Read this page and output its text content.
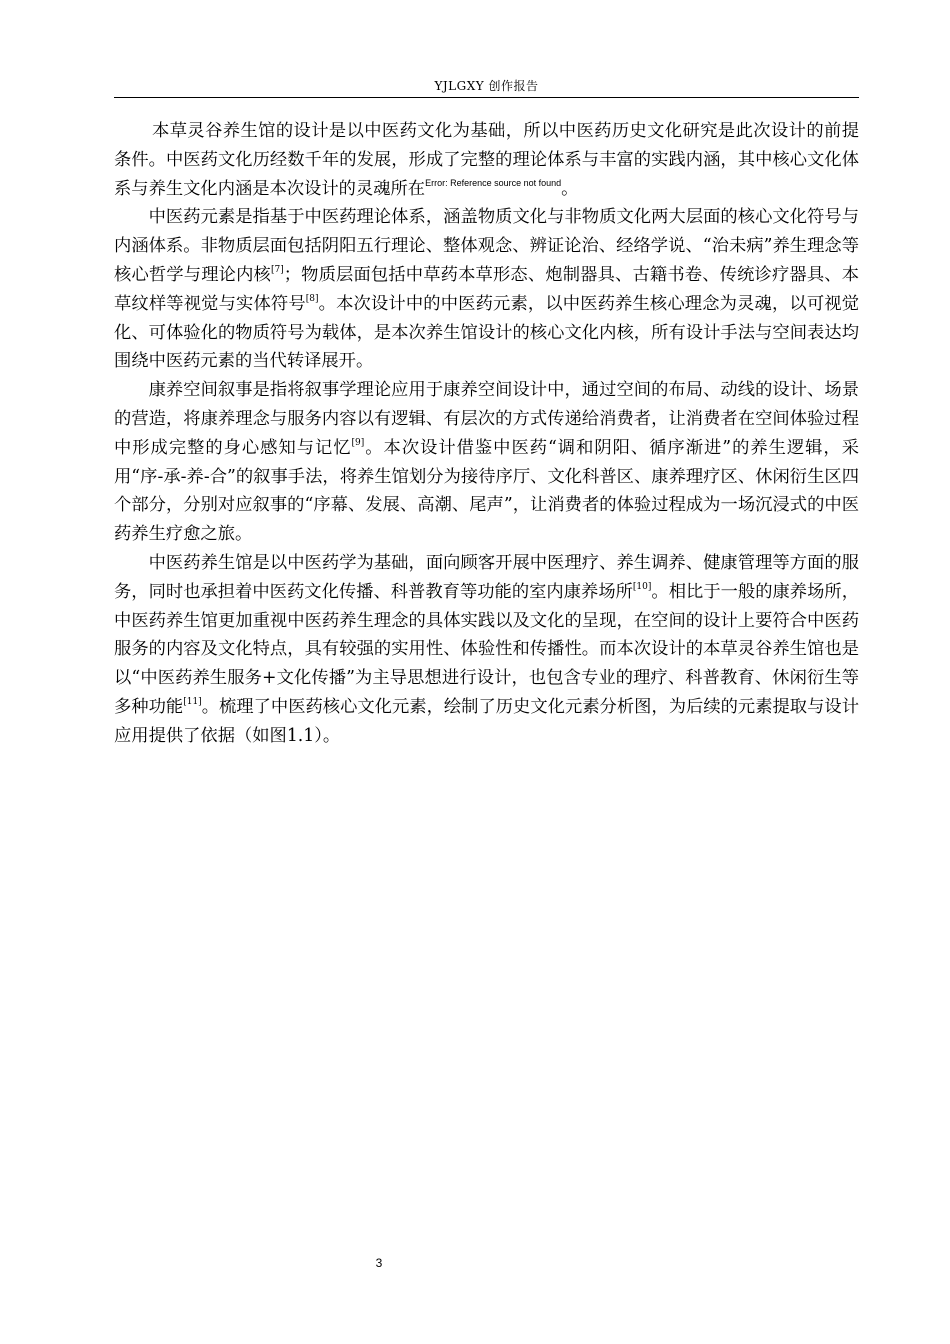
YJLGXY 创作报告

本草灵谷养生馆的设计是以中医药文化为基础，所以中医药历史文化研究是此次设计的前提条件。中医药文化历经数千年的发展，形成了完整的理论体系与丰富的实践内涵，其中核心文化体系与养生文化内涵是本次设计的灵魂所在$^{Error: Reference source not found}$。

中医药元素是指基于中医药理论体系，涵盖物质文化与非物质文化两大层面的核心文化符号与内涵体系。非物质层面包括阴阳五行理论、整体观念、辨证论治、经络学说、“治未病”养生理念等核心哲学与理论内核[7]；物质层面包括中草药本草形态、炮制器具、古籍书卷、传统诊疗器具、本草纹样等视觉与实体符号[8]。本次设计中的中医药元素，以中医药养生核心理念为灵魂，以可视觉化、可体验化的物质符号为载体，是本次养生馆设计的核心文化内核，所有设计手法与空间表达均围绕中医药元素的当代转译展开。

康养空间叙事是指将叙事学理论应用于康养空间设计中，通过空间的布局、动线的设计、场景的营造，将康养理念与服务内容以有逻辑、有层次的方式传递给消费者，让消费者在空间体验过程中形成完整的身心感知与记忆[9]。本次设计借鉴中医药“调和阴阳、循序渐进”的养生逻辑，采用“序-承-养-合”的叙事手法，将养生馆划分为接待序厅、文化科普区、康养理疗区、休闲衍生区四个部分，分别对应叙事的“序幕、发展、高潮、尾声”，让消费者的体验过程成为一场沉浸式的中医药养生疗愈之旅。

中医药养生馆是以中医药学为基础，面向顾客开展中医理疗、养生调养、健康管理等方面的服务，同时也承担着中医药文化传播、科普教育等功能的室内康养场所[10]。相比于一般的康养场所，中医药养生馆更加重视中医药养生理念的具体实践以及文化的呈现，在空间的设计上要符合中医药服务的内容及文化特点，具有较强的实用性、体验性和传播性。而本次设计的本草灵谷养生馆也是以“中医药养生服务+文化传播”为主导思想进行设计，也包含专业的理疗、科普教育、休闲衍生等多种功能[11]。梳理了中医药核心文化元素，绘制了历史文化元素分析图，为后续的元素提取与设计应用提供了依据（如图1.1）。

3
